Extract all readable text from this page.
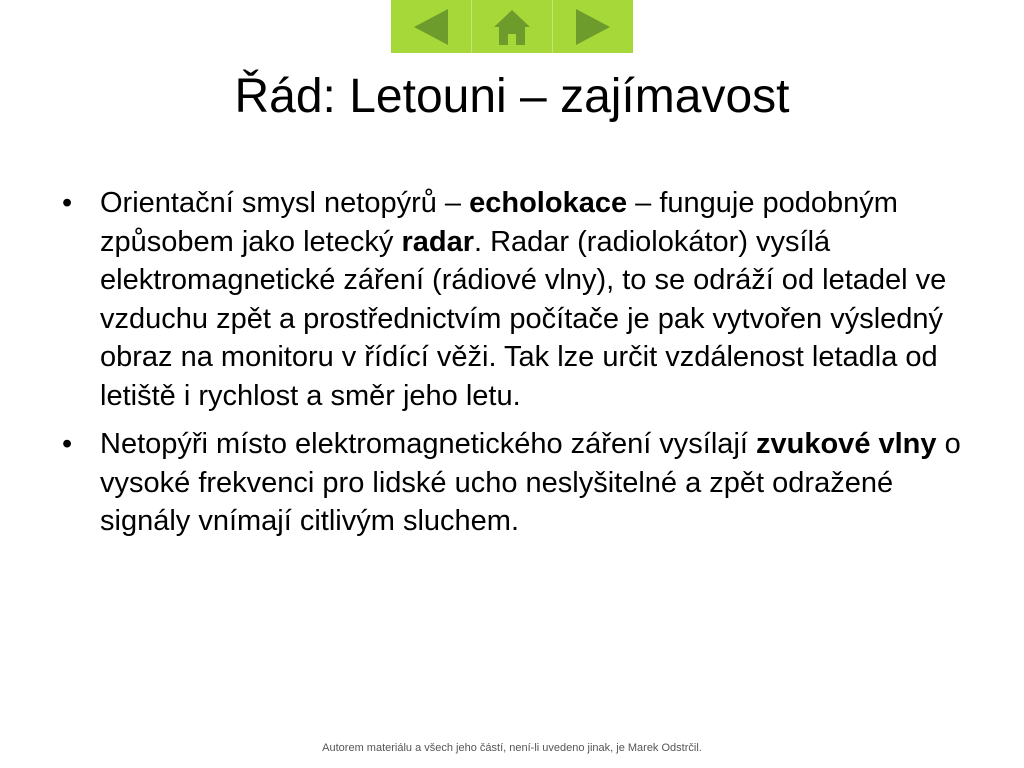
Řád: Letouni – zajímavost
• Orientační smysl netopýrů – echolokace – funguje podobným způsobem jako letecký radar. Radar (radiolokátor) vysílá elektromagnetické záření (rádiové vlny), to se odráží od letadel ve vzduchu zpět a prostřednictvím počítače je pak vytvořen výsledný obraz na monitoru v řídící věži. Tak lze určit vzdálenost letadla od letiště i rychlost a směr jeho letu.
• Netopýři místo elektromagnetického záření vysílají zvukové vlny o vysoké frekvenci pro lidské ucho neslyšitelné a zpět odražené signály vnímají citlivým sluchem.
Autorem materiálu a všech jeho částí, není-li uvedeno jinak, je Marek Odstrčil.
